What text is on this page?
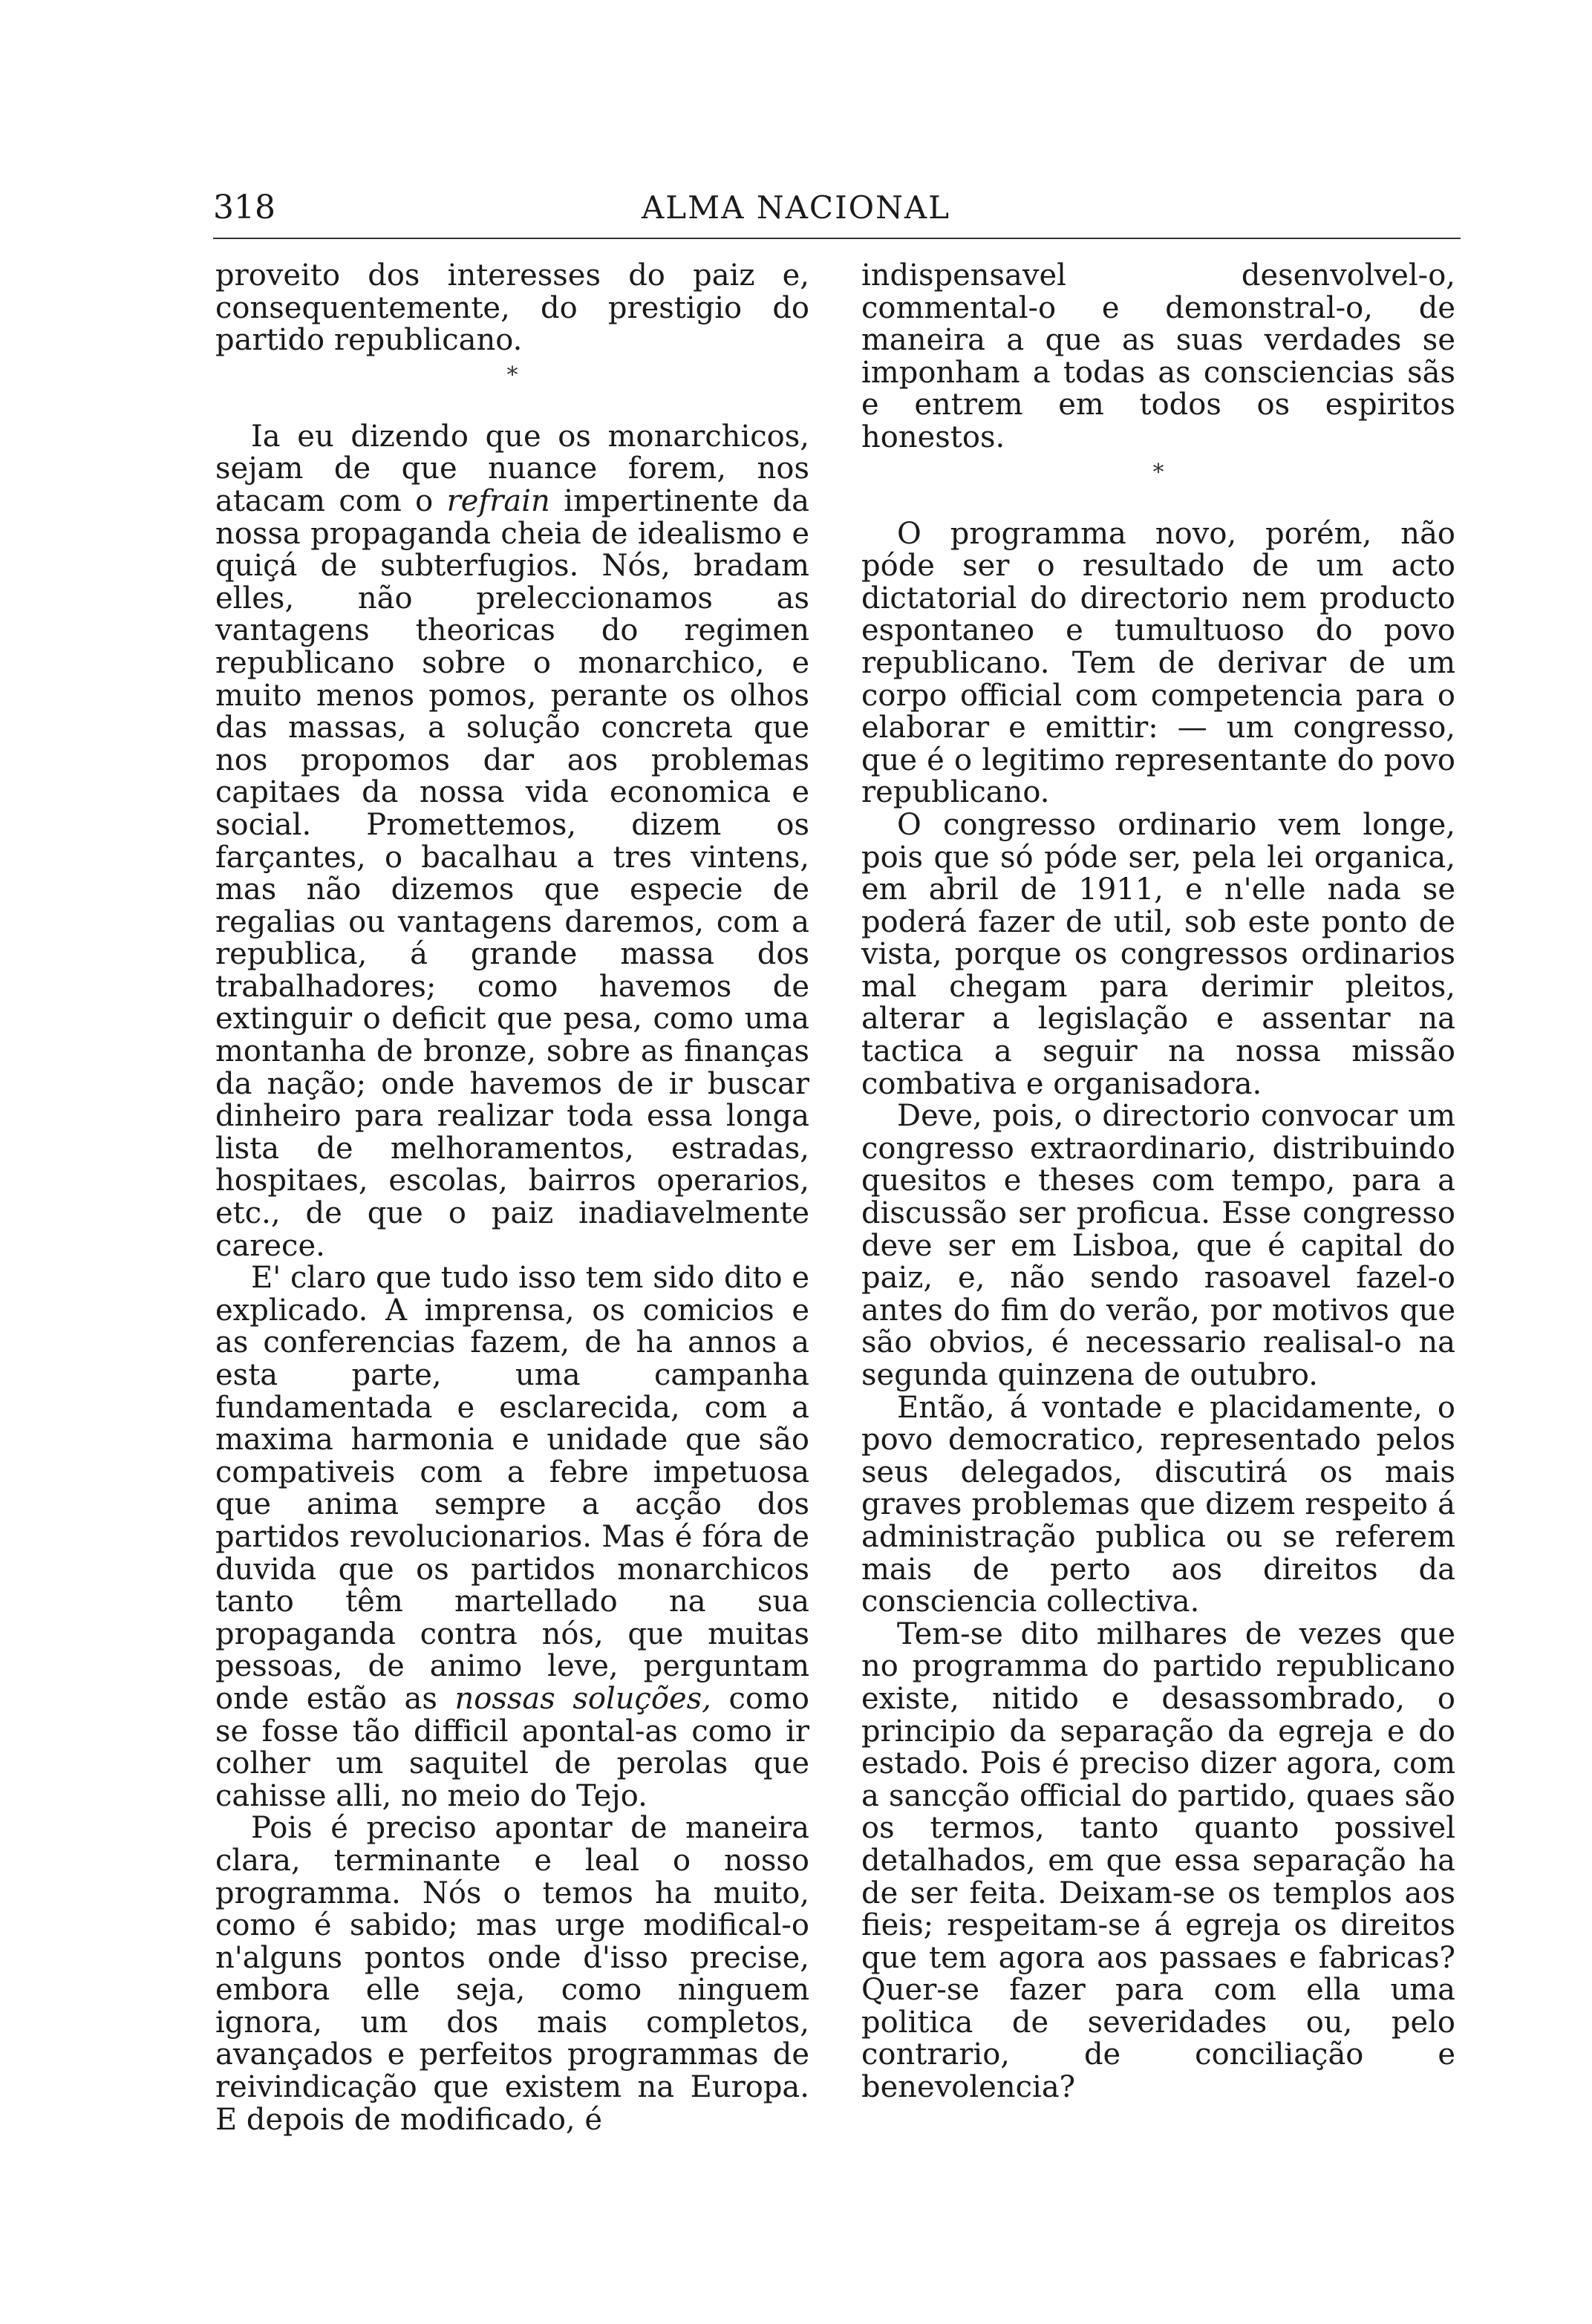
318	ALMA NACIONAL

proveito dos interesses do paiz e, consequentemente, do prestigio do partido republicano.

*

Ia eu dizendo que os monarchicos, sejam de que nuance forem, nos atacam com o refrain impertinente da nossa propaganda cheia de idealismo e quiçá de subterfugios. Nós, bradam elles, não preleccionamos as vantagens theoricas do regimen republicano sobre o monarchico, e muito menos pomos, perante os olhos das massas, a solução concreta que nos propomos dar aos problemas capitaes da nossa vida economica e social. Promettemos, dizem os farçantes, o bacalhau a tres vintens, mas não dizemos que especie de regalias ou vantagens daremos, com a republica, á grande massa dos trabalhadores; como havemos de extinguir o deficit que pesa, como uma montanha de bronze, sobre as finanças da nação; onde havemos de ir buscar dinheiro para realizar toda essa longa lista de melhoramentos, estradas, hospitaes, escolas, bairros operarios, etc., de que o paiz inadiavelmente carece.

E' claro que tudo isso tem sido dito e explicado. A imprensa, os comicios e as conferencias fazem, de ha annos a esta parte, uma campanha fundamentada e esclarecida, com a maxima harmonia e unidade que são compativeis com a febre impetuosa que anima sempre a acção dos partidos revolucionarios. Mas é fóra de duvida que os partidos monarchicos tanto têm martellado na sua propaganda contra nós, que muitas pessoas, de animo leve, perguntam onde estão as nossas soluções, como se fosse tão difficil apontal-as como ir colher um saquitel de perolas que cahisse alli, no meio do Tejo.

Pois é preciso apontar de maneira clara, terminante e leal o nosso programma. Nós o temos ha muito, como é sabido; mas urge modifical-o n'alguns pontos onde d'isso precise, embora elle seja, como ninguem ignora, um dos mais completos, avançados e perfeitos programmas de reivindicação que existem na Europa. E depois de modificado, é

indispensavel desenvolvel-o, commental-o e demonstral-o, de maneira a que as suas verdades se imponham a todas as consciencias sãs e entrem em todos os espiritos honestos.

*

O programma novo, porém, não póde ser o resultado de um acto dictatorial do directorio nem producto espontaneo e tumultuoso do povo republicano. Tem de derivar de um corpo official com competencia para o elaborar e emittir: — um congresso, que é o legitimo representante do povo republicano.

O congresso ordinario vem longe, pois que só póde ser, pela lei organica, em abril de 1911, e n'elle nada se poderá fazer de util, sob este ponto de vista, porque os congressos ordinarios mal chegam para derimir pleitos, alterar a legislação e assentar na tactica a seguir na nossa missão combativa e organisadora.

Deve, pois, o directorio convocar um congresso extraordinario, distribuindo quesitos e theses com tempo, para a discussão ser proficua. Esse congresso deve ser em Lisboa, que é capital do paiz, e, não sendo rasoavel fazel-o antes do fim do verão, por motivos que são obvios, é necessario realisal-o na segunda quinzena de outubro.

Então, á vontade e placidamente, o povo democratico, representado pelos seus delegados, discutirá os mais graves problemas que dizem respeito á administração publica ou se referem mais de perto aos direitos da consciencia collectiva.

Tem-se dito milhares de vezes que no programma do partido republicano existe, nitido e desassombrado, o principio da separação da egreja e do estado. Pois é preciso dizer agora, com a sancção official do partido, quaes são os termos, tanto quanto possivel detalhados, em que essa separação ha de ser feita. Deixam-se os templos aos fieis; respeitam-se á egreja os direitos que tem agora aos passaes e fabricas? Quer-se fazer para com ella uma politica de severidades ou, pelo contrario, de conciliação e benevolencia?
